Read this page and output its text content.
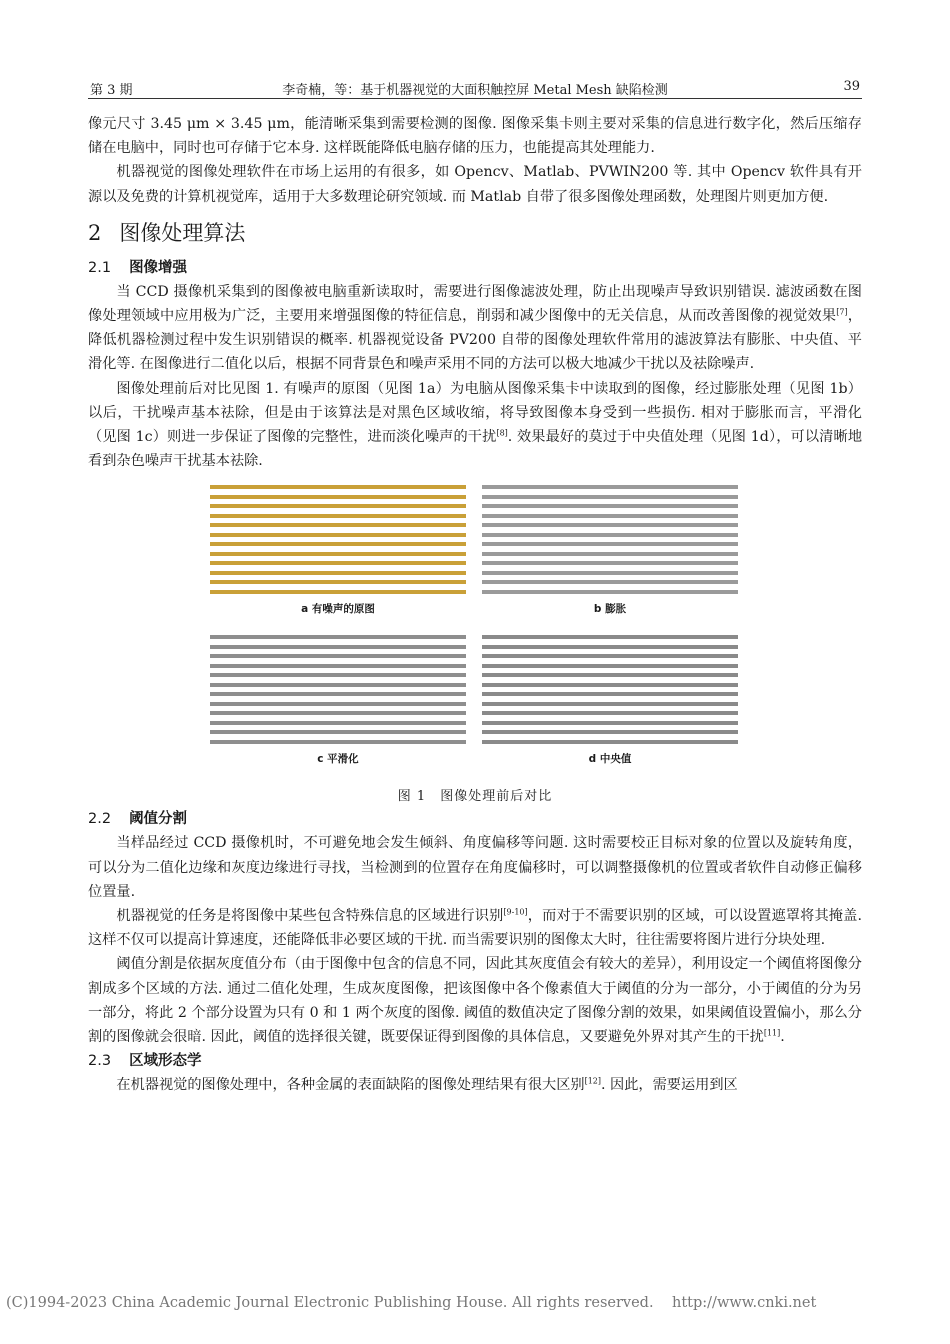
第 3 期	李奇楠，等：基于机器视觉的大面积触控屏 Metal Mesh 缺陷检测	39

像元尺寸 3.45 μm × 3.45 μm，能清晰采集到需要检测的图像. 图像采集卡则主要对采集的信息进行数字化，然后压缩存储在电脑中，同时也可存储于它本身. 这样既能降低电脑存储的压力，也能提高其处理能力.

机器视觉的图像处理软件在市场上运用的有很多，如 Opencv、Matlab、PVWIN200 等. 其中 Opencv 软件具有开源以及免费的计算机视觉库，适用于大多数理论研究领域. 而 Matlab 自带了很多图像处理函数，处理图片则更加方便.

2 图像处理算法
2.1 图像增强

当 CCD 摄像机采集到的图像被电脑重新读取时，需要进行图像滤波处理，防止出现噪声导致识别错误. 滤波函数在图像处理领域中应用极为广泛，主要用来增强图像的特征信息，削弱和减少图像中的无关信息，从而改善图像的视觉效果[7]，降低机器检测过程中发生识别错误的概率. 机器视觉设备 PV200 自带的图像处理软件常用的滤波算法有膨胀、中央值、平滑化等. 在图像进行二值化以后，根据不同背景色和噪声采用不同的方法可以极大地减少干扰以及祛除噪声.

图像处理前后对比见图 1. 有噪声的原图（见图 1a）为电脑从图像采集卡中读取到的图像，经过膨胀处理（见图 1b）以后，干扰噪声基本祛除，但是由于该算法是对黑色区域收缩，将导致图像本身受到一些损伤. 相对于膨胀而言，平滑化（见图 1c）则进一步保证了图像的完整性，进而淡化噪声的干扰[8]. 效果最好的莫过于中央值处理（见图 1d），可以清晰地看到杂色噪声干扰基本祛除.

a 有噪声的原图	b 膨胀
c 平滑化	d 中央值
图 1　图像处理前后对比
2.2 阈值分割

当样品经过 CCD 摄像机时，不可避免地会发生倾斜、角度偏移等问题. 这时需要校正目标对象的位置以及旋转角度，可以分为二值化边缘和灰度边缘进行寻找，当检测到的位置存在角度偏移时，可以调整摄像机的位置或者软件自动修正偏移位置量.

机器视觉的任务是将图像中某些包含特殊信息的区域进行识别[9-10]，而对于不需要识别的区域，可以设置遮罩将其掩盖. 这样不仅可以提高计算速度，还能降低非必要区域的干扰. 而当需要识别的图像太大时，往往需要将图片进行分块处理.

阈值分割是依据灰度值分布（由于图像中包含的信息不同，因此其灰度值会有较大的差异），利用设定一个阈值将图像分割成多个区域的方法. 通过二值化处理，生成灰度图像，把该图像中各个像素值大于阈值的分为一部分，小于阈值的分为另一部分，将此 2 个部分设置为只有 0 和 1 两个灰度的图像. 阈值的数值决定了图像分割的效果，如果阈值设置偏小，那么分割的图像就会很暗. 因此，阈值的选择很关键，既要保证得到图像的具体信息，又要避免外界对其产生的干扰[11].

2.3 区域形态学

在机器视觉的图像处理中，各种金属的表面缺陷的图像处理结果有很大区别[12]. 因此，需要运用到区

(C)1994-2023 China Academic Journal Electronic Publishing House. All rights reserved. http://www.cnki.net
